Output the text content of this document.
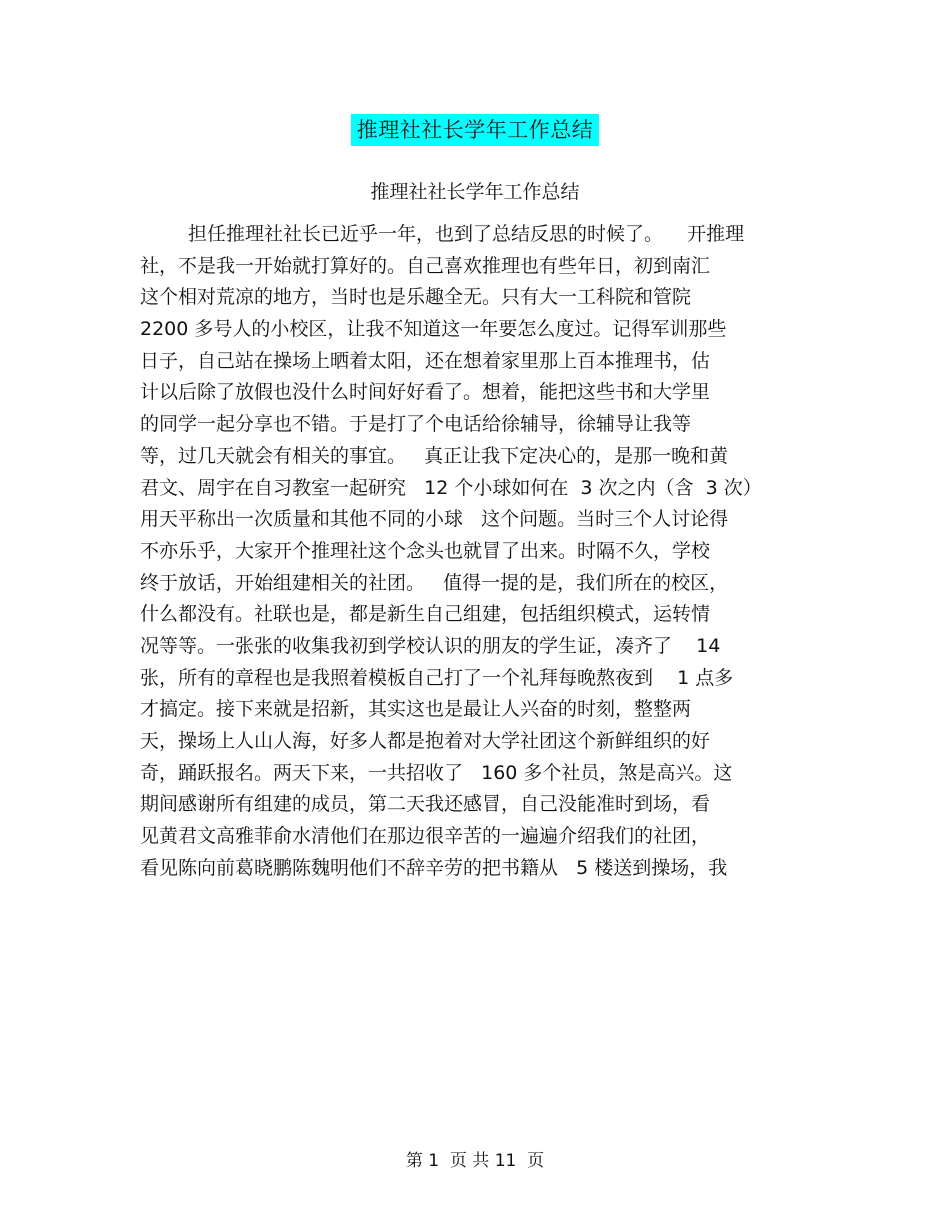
推理社社长学年工作总结
推理社社长学年工作总结
担任推理社社长已近乎一年，也到了总结反思的时候了。    开推理
社，不是我一开始就打算好的。自己喜欢推理也有些年日，初到南汇
这个相对荒凉的地方，当时也是乐趣全无。只有大一工科院和管院
2200 多号人的小校区，让我不知道这一年要怎么度过。记得军训那些
日子，自己站在操场上晒着太阳，还在想着家里那上百本推理书，估
计以后除了放假也没什么时间好好看了。想着，能把这些书和大学里
的同学一起分享也不错。于是打了个电话给徐辅导，徐辅导让我等
等，过几天就会有相关的事宜。   真正让我下定决心的，是那一晚和黄
君文、周宇在自习教室一起研究   12 个小球如何在  3 次之内（含  3 次）
用天平称出一次质量和其他不同的小球   这个问题。当时三个人讨论得
不亦乐乎，大家开个推理社这个念头也就冒了出来。时隔不久，学校
终于放话，开始组建相关的社团。   值得一提的是，我们所在的校区，
什么都没有。社联也是，都是新生自己组建，包括组织模式，运转情
况等等。一张张的收集我初到学校认识的朋友的学生证，凑齐了    14
张，所有的章程也是我照着模板自己打了一个礼拜每晚熬夜到    1 点多
才搞定。接下来就是招新，其实这也是最让人兴奋的时刻，整整两
天，操场上人山人海，好多人都是抱着对大学社团这个新鲜组织的好
奇，踊跃报名。两天下来，一共招收了   160 多个社员，煞是高兴。这
期间感谢所有组建的成员，第二天我还感冒，自己没能准时到场，看
见黄君文高雅菲俞水清他们在那边很辛苦的一遍遍介绍我们的社团，
看见陈向前葛晓鹏陈魏明他们不辞辛劳的把书籍从   5 楼送到操场，我
第 1  页 共 11  页
